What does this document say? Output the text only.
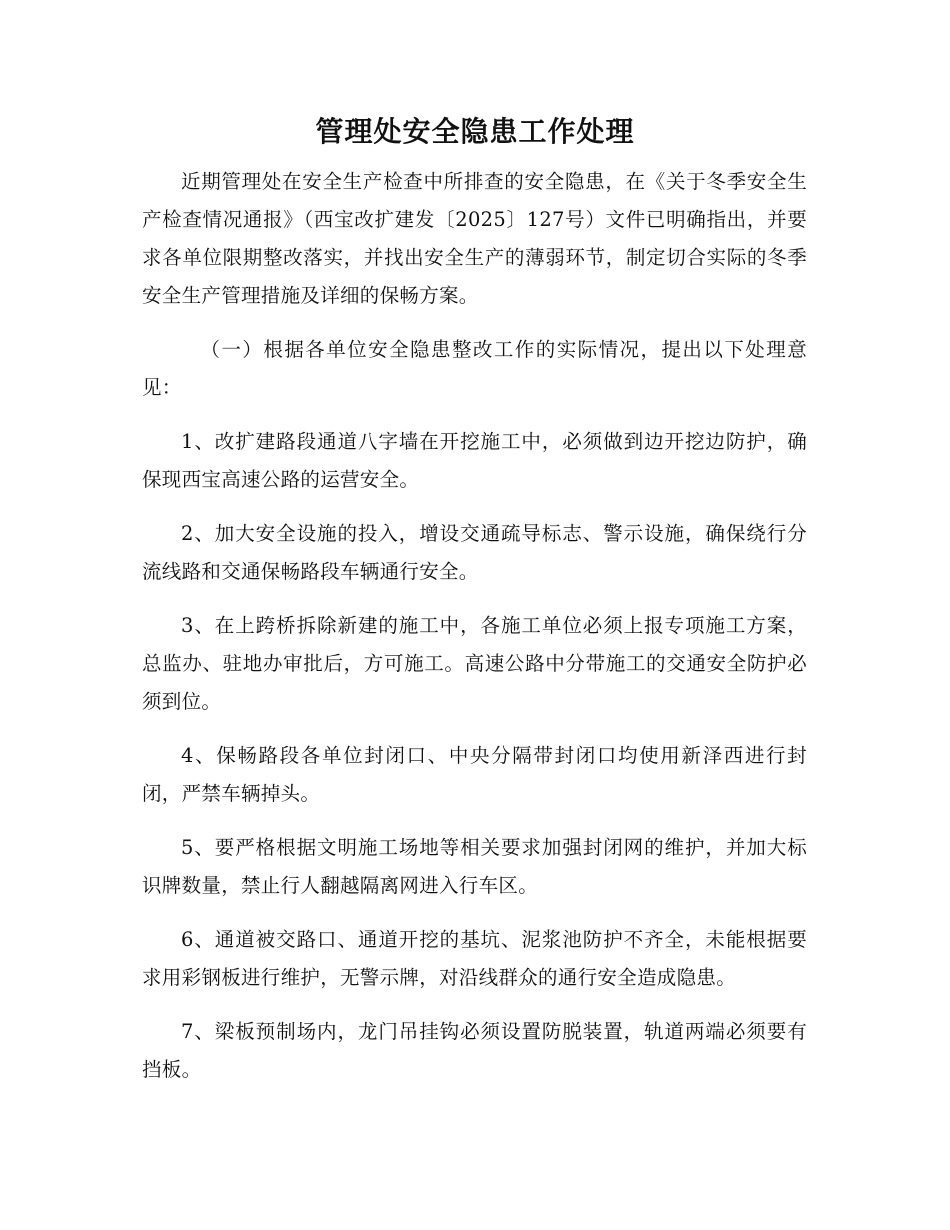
管理处安全隐患工作处理

近期管理处在安全生产检查中所排查的安全隐患，在《关于冬季安全生产检查情况通报》（西宝改扩建发〔2025〕127号）文件已明确指出，并要求各单位限期整改落实，并找出安全生产的薄弱环节，制定切合实际的冬季安全生产管理措施及详细的保畅方案。

（一）根据各单位安全隐患整改工作的实际情况，提出以下处理意见：

1、改扩建路段通道八字墙在开挖施工中，必须做到边开挖边防护，确保现西宝高速公路的运营安全。

2、加大安全设施的投入，增设交通疏导标志、警示设施，确保绕行分流线路和交通保畅路段车辆通行安全。

3、在上跨桥拆除新建的施工中，各施工单位必须上报专项施工方案，总监办、驻地办审批后，方可施工。高速公路中分带施工的交通安全防护必须到位。

4、保畅路段各单位封闭口、中央分隔带封闭口均使用新泽西进行封闭，严禁车辆掉头。

5、要严格根据文明施工场地等相关要求加强封闭网的维护，并加大标识牌数量，禁止行人翻越隔离网进入行车区。

6、通道被交路口、通道开挖的基坑、泥浆池防护不齐全，未能根据要求用彩钢板进行维护，无警示牌，对沿线群众的通行安全造成隐患。

7、梁板预制场内，龙门吊挂钩必须设置防脱装置，轨道两端必须要有挡板。
